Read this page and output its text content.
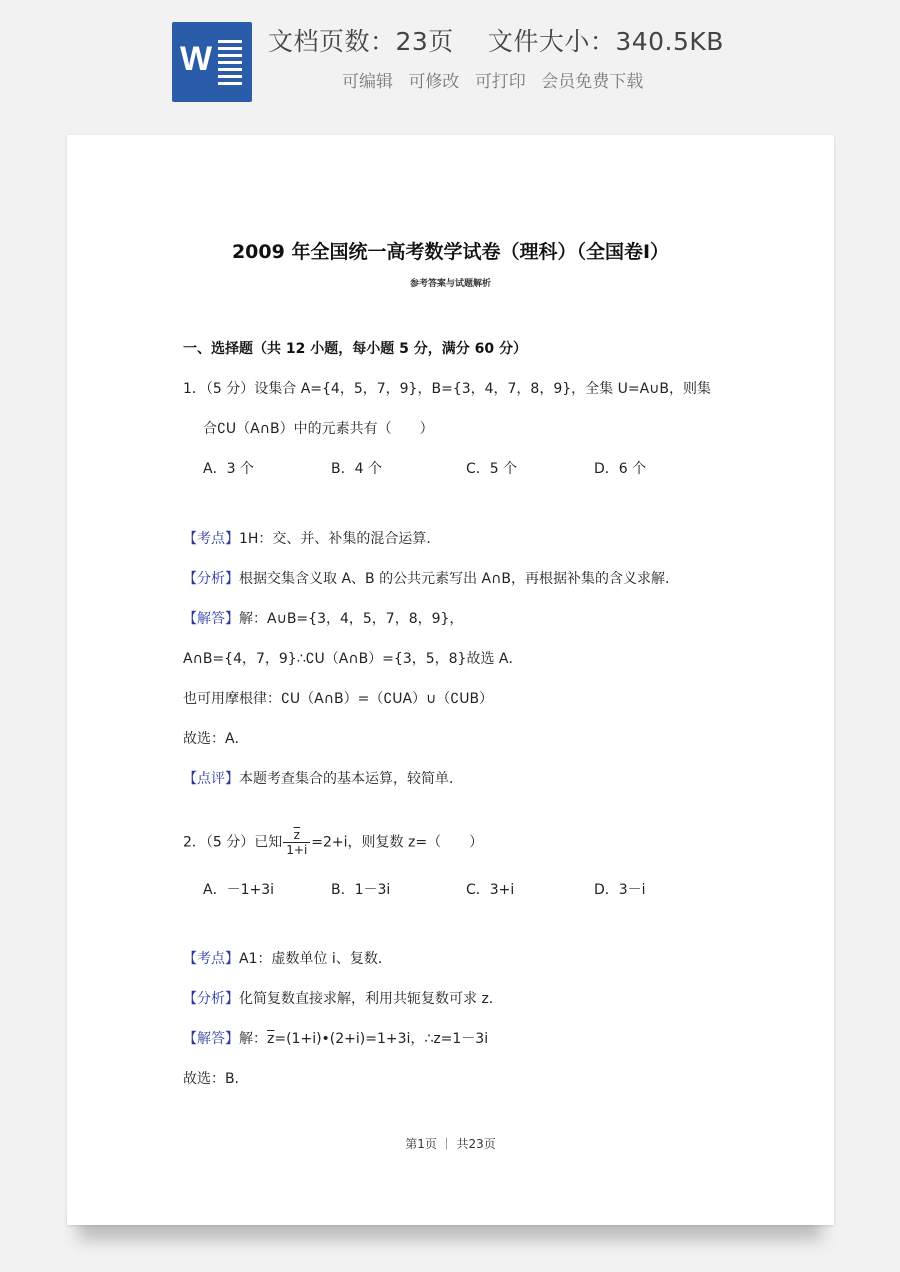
W 文档页数：23页 文件大小：340.5KB
可编辑 可修改 可打印 会员免费下载
2009 年全国统一高考数学试卷（理科）（全国卷Ⅰ）
参考答案与试题解析
一、选择题（共 12 小题，每小题 5 分，满分 60 分）
1．（5 分）设集合 A={4，5，7，9}，B={3，4，7，8，9}，全集 U=A∪B，则集
合∁U（A∩B）中的元素共有（　　）
A．3 个	B．4 个	C．5 个	D．6 个
【考点】1H：交、并、补集的混合运算．
【分析】根据交集含义取 A、B 的公共元素写出 A∩B，再根据补集的含义求解．
【解答】解：A∪B={3，4，5，7，8，9}，
A∩B={4，7，9}∴∁U（A∩B）={3，5，8}故选 A．
也可用摩根律：∁U（A∩B）=（∁UA）∪（∁UB）
故选：A．
【点评】本题考查集合的基本运算，较简单．
2．（5 分）已知 $\frac{\overline{z}}{1+i} =2+i$，则复数 z=（　　）
A．－1+3i	B．1－3i	C．3+i	D．3－i
【考点】A1：虚数单位 i、复数．
【分析】化简复数直接求解，利用共轭复数可求 z．
【解答】解：$\overline{z}=(1+i)•(2+i)=1+3i$，∴z=1－3i
故选：B．
第1页 ｜ 共23页
